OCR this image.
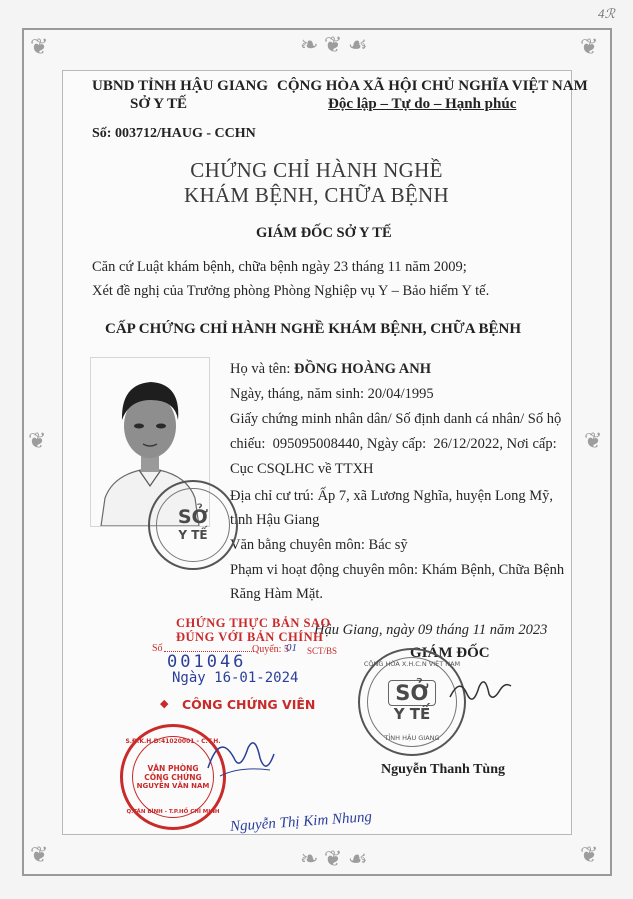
❦	❦
❦	❦
❧ ❦ ☙
❧ ❦ ☙
❦	❦
4ℛ
UBND TỈNH HẬU GIANG
SỞ Y TẾ
CỘNG HÒA XÃ HỘI CHỦ NGHĨA VIỆT NAM
Độc lập – Tự do – Hạnh phúc
Số: 003712/HAUG - CCHN
CHỨNG CHỈ HÀNH NGHỀ
KHÁM BỆNH, CHỮA BỆNH
GIÁM ĐỐC SỞ Y TẾ
Căn cứ Luật khám bệnh, chữa bệnh ngày 23 tháng 11 năm 2009;
Xét đề nghị của Trưởng phòng Phòng Nghiệp vụ Y – Bảo hiểm Y tế.
CẤP CHỨNG CHỈ HÀNH NGHỀ KHÁM BỆNH, CHỮA BỆNH
Họ và tên: ĐỒNG HOÀNG ANH
Ngày, tháng, năm sinh: 20/04/1995
Giấy chứng minh nhân dân/ Số định danh cá nhân/ Số hộ
chiếu:  095095008440, Ngày cấp:  26/12/2022, Nơi cấp:
Cục CSQLHC về TTXH
Địa chỉ cư trú: Ấp 7, xã Lương Nghĩa, huyện Long Mỹ,
tỉnh Hậu Giang
Văn bằng chuyên môn: Bác sỹ
Phạm vi hoạt động chuyên môn: Khám Bệnh, Chữa Bệnh
Răng Hàm Mặt.
SỞ
Y TẾ
Hậu Giang, ngày 09 tháng 11 năm 2023
GIÁM ĐỐC
CỘNG HÒA X.H.C.N VIỆT NAM
TỈNH HẬU GIANG
SỞ
Y TẾ
Nguyễn Thanh Tùng
CHỨNG THỰC BẢN SAO
ĐÚNG VỚI BẢN CHÍNH
Số	Quyển: 5
01 SCT/BS
001046
Ngày 16-01-2024
◆ CÔNG CHỨNG VIÊN
S.Đ.K.H.Đ:41020001 - C.T.H.
Q.TÂN BÌNH - T.P.HỒ CHÍ MINH
VĂN PHÒNG
CÔNG CHỨNG
NGUYỄN VĂN NAM
Nguyễn Thị Kim Nhung
